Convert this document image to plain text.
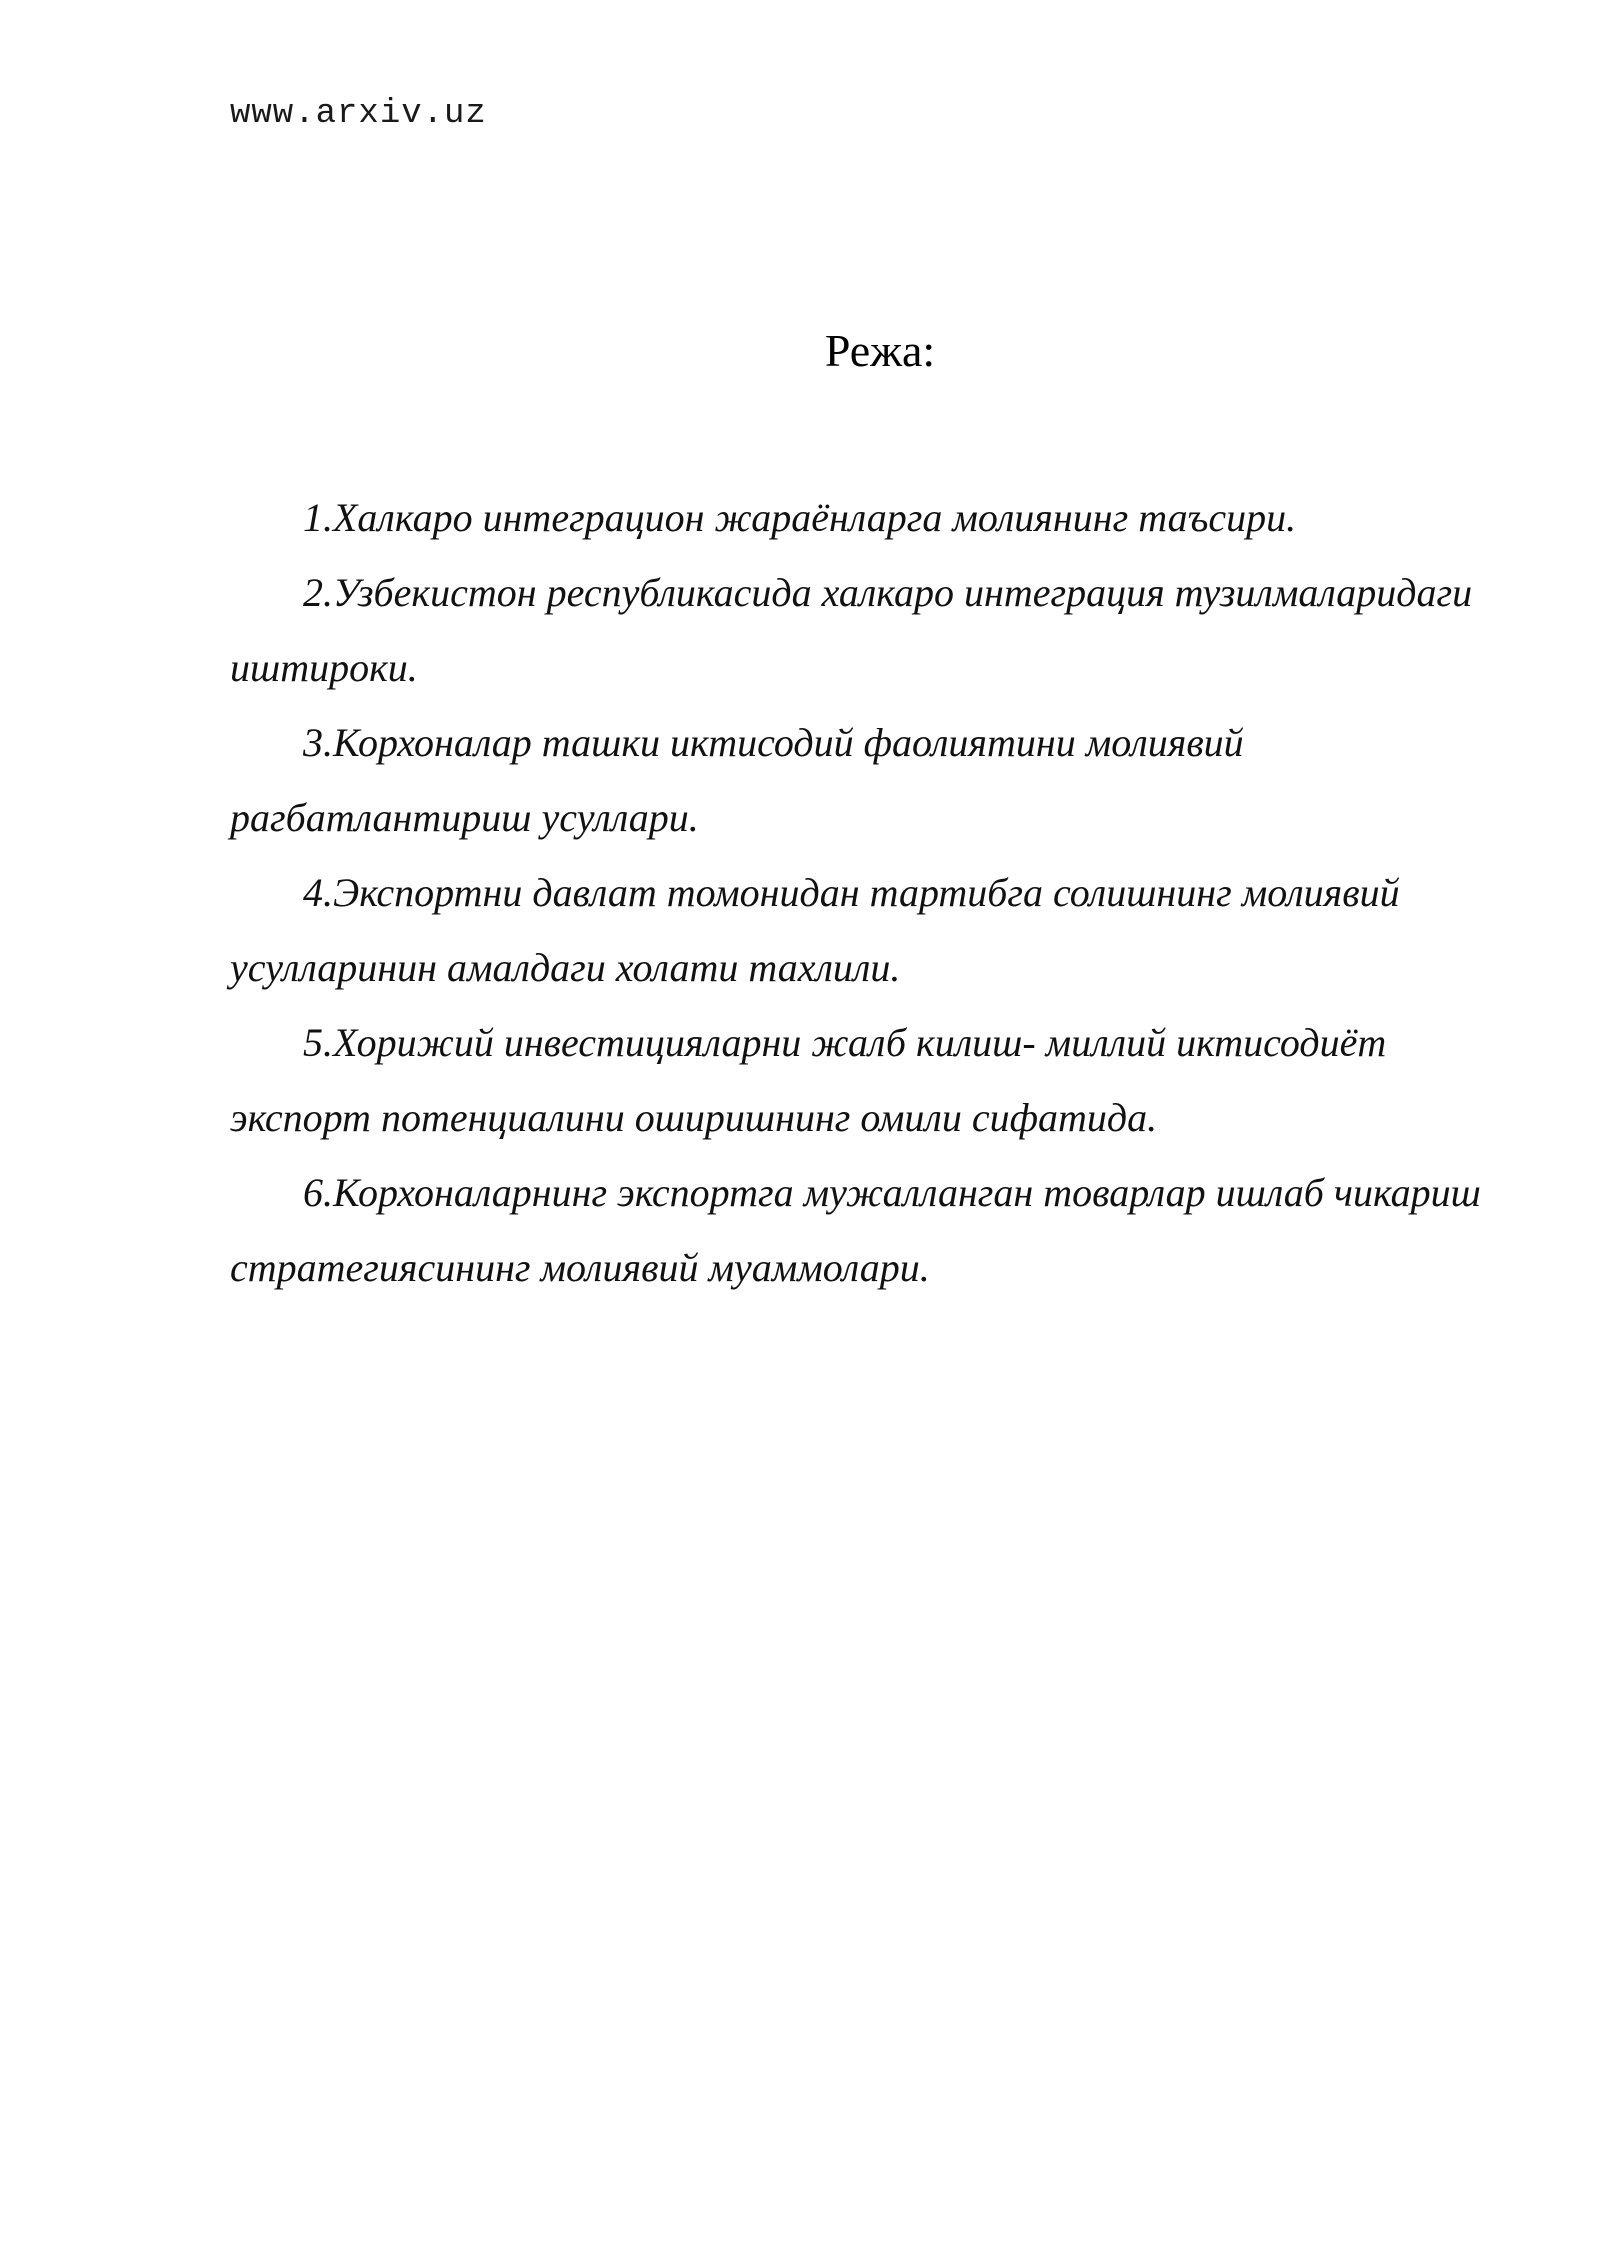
www.arxiv.uz
Режа:
1.Халкаро интеграцион жараёнларга молиянинг таъсири.
2.Узбекистон республикасида халкаро интеграция тузилмаларидаги иштироки.
3.Корхоналар ташки иктисодий фаолиятини молиявий рагбатлантириш усуллари.
4.Экспортни давлат томонидан тартибга солишнинг молиявий усулларинин амалдаги холати тахлили.
5.Хорижий инвестицияларни жалб килиш- миллий иктисодиёт экспорт потенциалини оширишнинг омили сифатида.
6.Корхоналарнинг экспортга мужалланган товарлар ишлаб чикариш стратегиясининг молиявий муаммолари.
